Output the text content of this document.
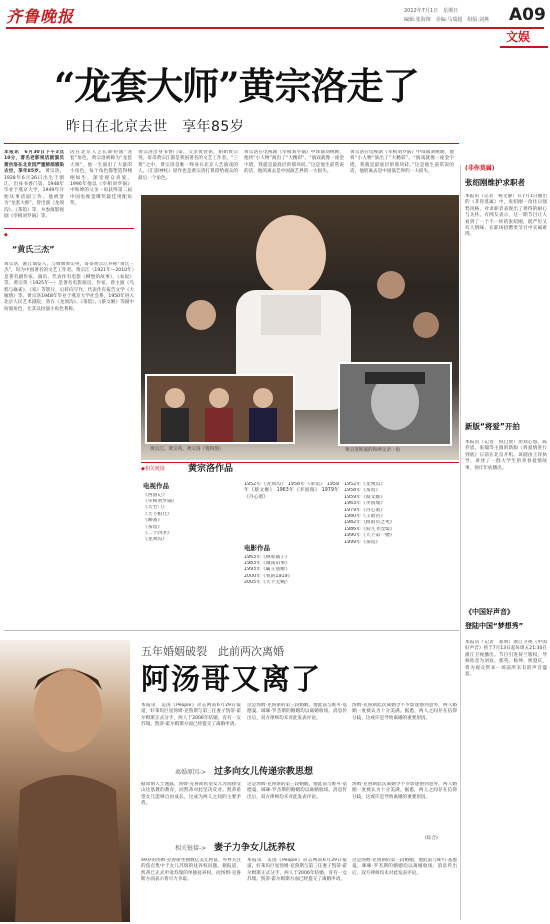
齐鲁晚报	2012年7月1日　星期日
编辑:张海翔　美编:马瑞超　组版:刘燕 A09
文娱
“龙套大师”黄宗洛走了
昨日在北京去世　享年85岁
本报讯　6月30日下午3点10分，著名老影视话剧演员黄宗洛在北京因严重肺部感染去世，享年85岁。 黄宗洛，1928年6月26日出生于浙江，出身书香门第。1948年毕业于燕京大学，1949年开始从事话剧工作。他被誉为“龙套大师”，曾出演《龙须沟》、《茶馆》等，并参演影视剧《宰相刘罗锅》等。
因在北京人艺长期扮演“龙套”角色，黄宗洛被称为“龙套大师”。他一生演出了大量的小角色，每个角色都塑造得栩栩如生，深受观众喜爱。1990年他以《宰相刘罗锅》中和珅的父亲一角获得第二届中国电视金鹰奖最佳男配角奖。
黄宗洛出身书香门第，父亲黄曾铭，姐姐黄宗英、哥哥黄宗江都是我国著名的文艺工作者。“三黄”之中，黄宗洛是唯一终身在北京人艺演戏的人。《汇剧神杖》原作也是黄宗洛打算留给观众的最后一个角色。
黄宗洛在电视剧《宰相刘罗锅》中饰演刘统勋，他将“小人物”演出了“大精彩”。“演戏就像一座金字塔，我就是最底层的那块砖。”这是他生前常说的话，他的离去是中国演艺界的一大损失。
黄宗洛在电视剧《宰相刘罗锅》中饰演刘统勋，他将“小人物”演出了“大精彩”。“演戏就像一座金字塔，我就是最底层的那块砖。”这是他生前常说的话，他的离去是中国演艺界的一大损失。
◆
“黄氏三杰”
黄宗洛，浙江瑞安人，与姐姐黄宗英、哥哥黄宗江并称“黄氏三杰”，均为中国著名的文艺工作者。黄宗江（1921年—2010年）是著名剧作家、演员，代表作有电影《柳堡的故事》、《农奴》等。黄宗英（1925年—）是著名电影演员、作家，曾主演《乌鸦与麻雀》、《家》等影片，后转向写作，代表作有报告文学《大雁情》等。黄宗洛1948年毕业于燕京大学社会系，1950年进入北京人民艺术剧院，曾在《龙须沟》、《茶馆》、《蔡文姬》等剧中扮演角色，尤其以扮演小角色著称。
黄宗江、黄宗英、黄宗洛（资料图）	黄宗洛饰演的和珅父亲一角
◆相关链接	黄宗洛作品
电视作品
《西游记》
《宰相刘罗锅》
《大宅门》
《天下粮仓》
《聊斋》
《茶馆》
《二十四孝》
《龙须沟》
1952年《龙须沟》 1958年《茶馆》 1959年《蔡文姬》 1963年《李国瑞》 1979年《丹心谱》
电影作品
1963年《林家铺子》
1983年《城南旧事》
1993年《霸王别姬》
2000年《我的1919》
2005年《天下无贼》
1952年《龙须沟》
1958年《茶馆》
1959年《蔡文姬》
1963年《李国瑞》
1979年《丹心谱》
1980年《王昭君》
1982年《推销员之死》
1986年《狗儿爷涅槃》
1990年《天下第一楼》
1999年《茶馆》
五年婚姻破裂　此前两次离婚
阿汤哥又离了
本报讯　美国《People》杂志网站6月29日报道，好莱坞巨星汤姆·克鲁斯与第三任妻子凯蒂·霍尔姆斯正式分手，两人于2006年结婚，育有一女苏瑞。凯蒂·霍尔姆斯方面已经提交了离婚申请。
这是汤姆·克鲁斯的第三段婚姻，他此前与妮可·基德曼、咪咪·罗杰斯的婚姻均以离婚收场。消息传出后，双方律师均未对此发表评论。
汤姆·克鲁斯此次离婚令不少影迷感到意外，两人婚姻一度被认为十分美满。据悉，两人之间存在信仰分歧，这或许是导致离婚的重要原因。
离婚原因-> 过多向女儿传递宗教思想
据知情人士透露，汤姆·克鲁斯希望女儿苏瑞接受山达基教的教育，而凯蒂对此坚决反对。凯蒂希望女儿能够自由成长，这成为两人之间的主要矛盾。
这是汤姆·克鲁斯的第三段婚姻，他此前与妮可·基德曼、咪咪·罗杰斯的婚姻均以离婚收场。消息传出后，双方律师均未对此发表评论。
汤姆·克鲁斯此次离婚令不少影迷感到意外，两人婚姻一度被认为十分美满。据悉，两人之间存在信仰分歧，这或许是导致离婚的重要原因。
(综合)
相关链接-> 妻子力争女儿抚养权
49岁的汤姆·克鲁斯坐拥数亿美元财富，外界关注的焦点集中于女儿苏瑞的抚养权问题。据报道，凯蒂已正式申请苏瑞的单独抚养权，而汤姆·克鲁斯方面表示将尽力争取。
本报讯　美国《People》杂志网站6月29日报道，好莱坞巨星汤姆·克鲁斯与第三任妻子凯蒂·霍尔姆斯正式分手，两人于2006年结婚，育有一女苏瑞。凯蒂·霍尔姆斯方面已经提交了离婚申请。
这是汤姆·克鲁斯的第三段婚姻，他此前与妮可·基德曼、咪咪·罗杰斯的婚姻均以离婚收场。消息传出后，双方律师均未对此发表评论。
(非你莫属)
张绍刚维护求职者
本报讯（记者　杨文静）在7月1日播出的《非你莫属》中，张绍刚一改往日强势风格，对求职者表现出了难得的耐心与关怀。有网友表示，这一期节目让人看到了一个不一样的张绍刚，既严厉又有人情味，在职场招聘类节目中实属难得。
新版“将爱”开拍
本报讯（记者　倪自放）由刘心悠、陈乔恩、张翰等主演的新版《将爱情进行到底》日前在北京开机。该剧由王洋执导，讲述了一群大学生的青春爱情故事，预计年底播出。
《中国好声音》
登陆中国“梦想秀”
本报讯（记者　郑明）浙江卫视《中国好声音》将于7月13日起每周五21:30在浙江卫视播出。节目引进荷兰版权，导师阵容为刘欢、那英、杨坤、庾澄庆，将为观众带来一场前所未有的声音盛宴。
